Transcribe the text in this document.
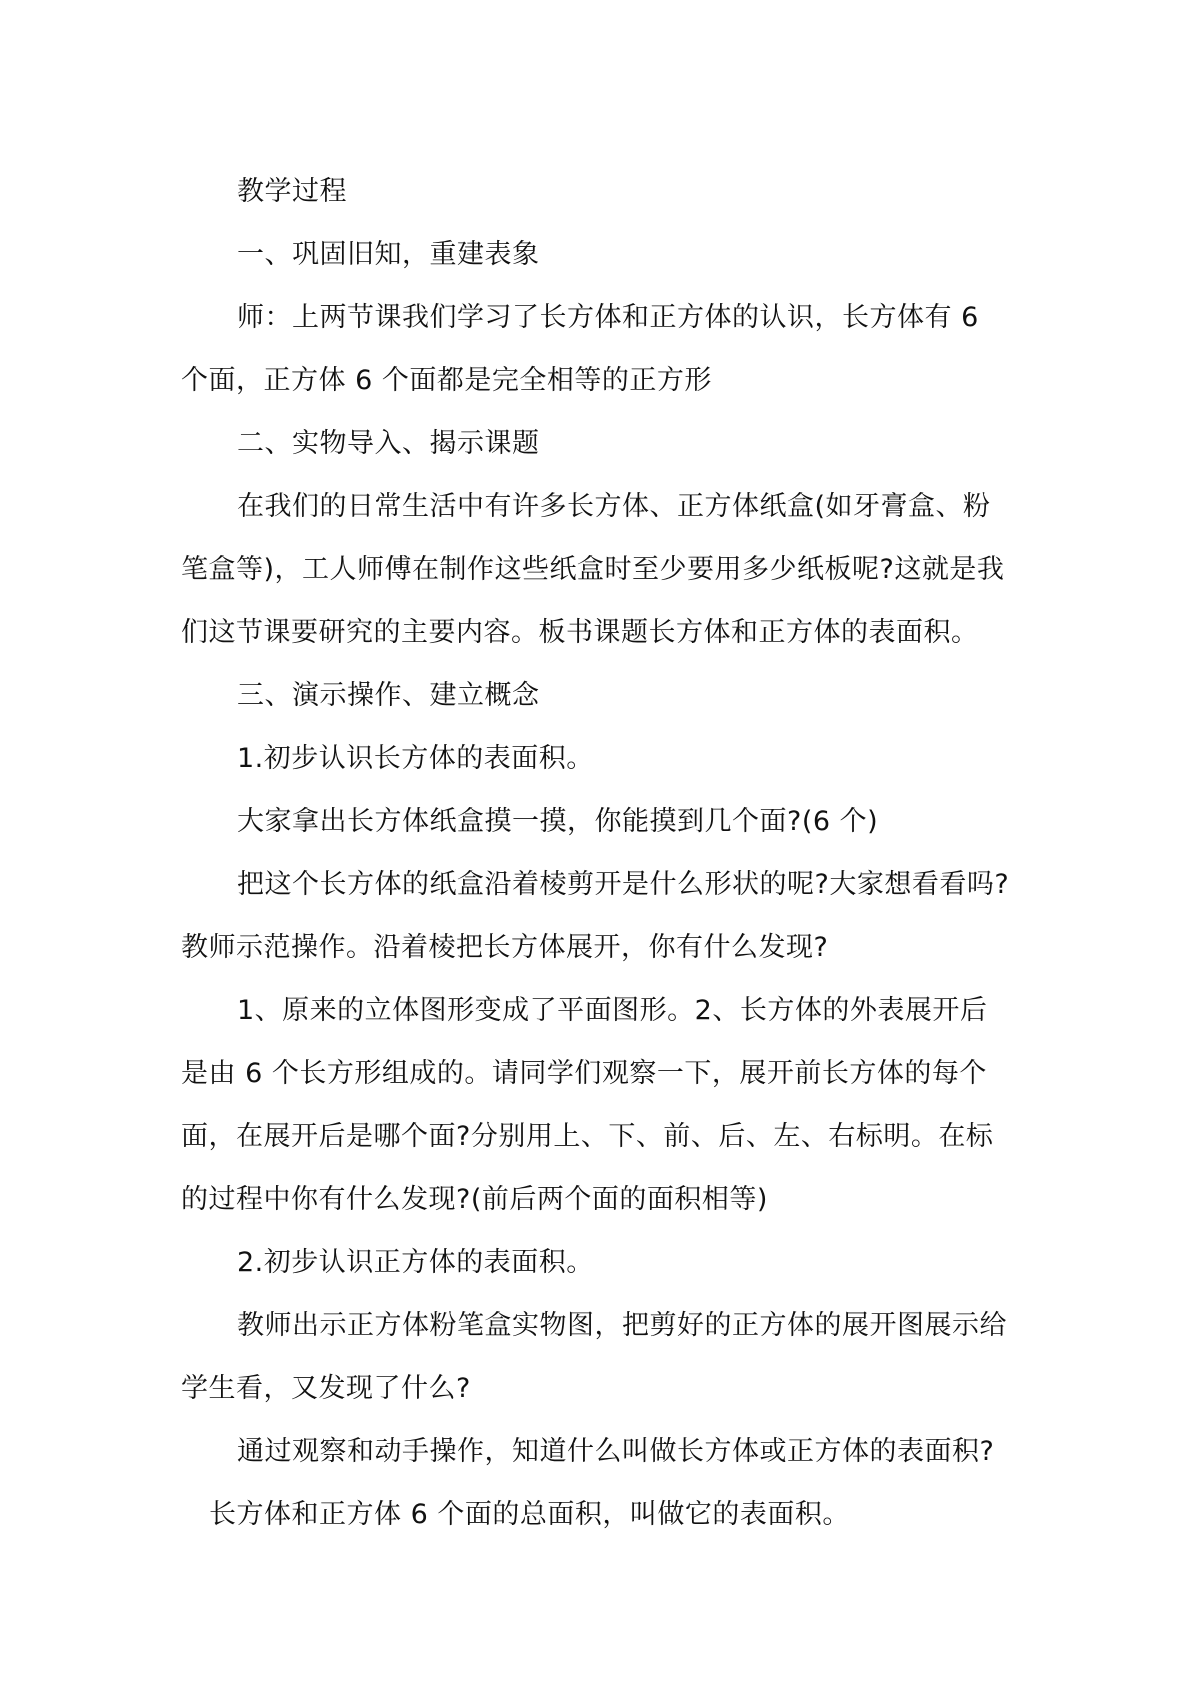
教学过程

一、巩固旧知，重建表象

师：上两节课我们学习了长方体和正方体的认识，长方体有 6 个面，正方体 6 个面都是完全相等的正方形

二、实物导入、揭示课题

在我们的日常生活中有许多长方体、正方体纸盒(如牙膏盒、粉笔盒等)，工人师傅在制作这些纸盒时至少要用多少纸板呢?这就是我们这节课要研究的主要内容。板书课题长方体和正方体的表面积。

三、演示操作、建立概念

1.初步认识长方体的表面积。

大家拿出长方体纸盒摸一摸，你能摸到几个面?(6 个)

把这个长方体的纸盒沿着棱剪开是什么形状的呢?大家想看看吗?教师示范操作。沿着棱把长方体展开，你有什么发现?

1、原来的立体图形变成了平面图形。2、长方体的外表展开后是由 6 个长方形组成的。请同学们观察一下，展开前长方体的每个面，在展开后是哪个面?分别用上、下、前、后、左、右标明。在标的过程中你有什么发现?(前后两个面的面积相等)

2.初步认识正方体的表面积。

教师出示正方体粉笔盒实物图，把剪好的正方体的展开图展示给学生看，又发现了什么?

通过观察和动手操作，知道什么叫做长方体或正方体的表面积?

长方体和正方体 6 个面的总面积，叫做它的表面积。
